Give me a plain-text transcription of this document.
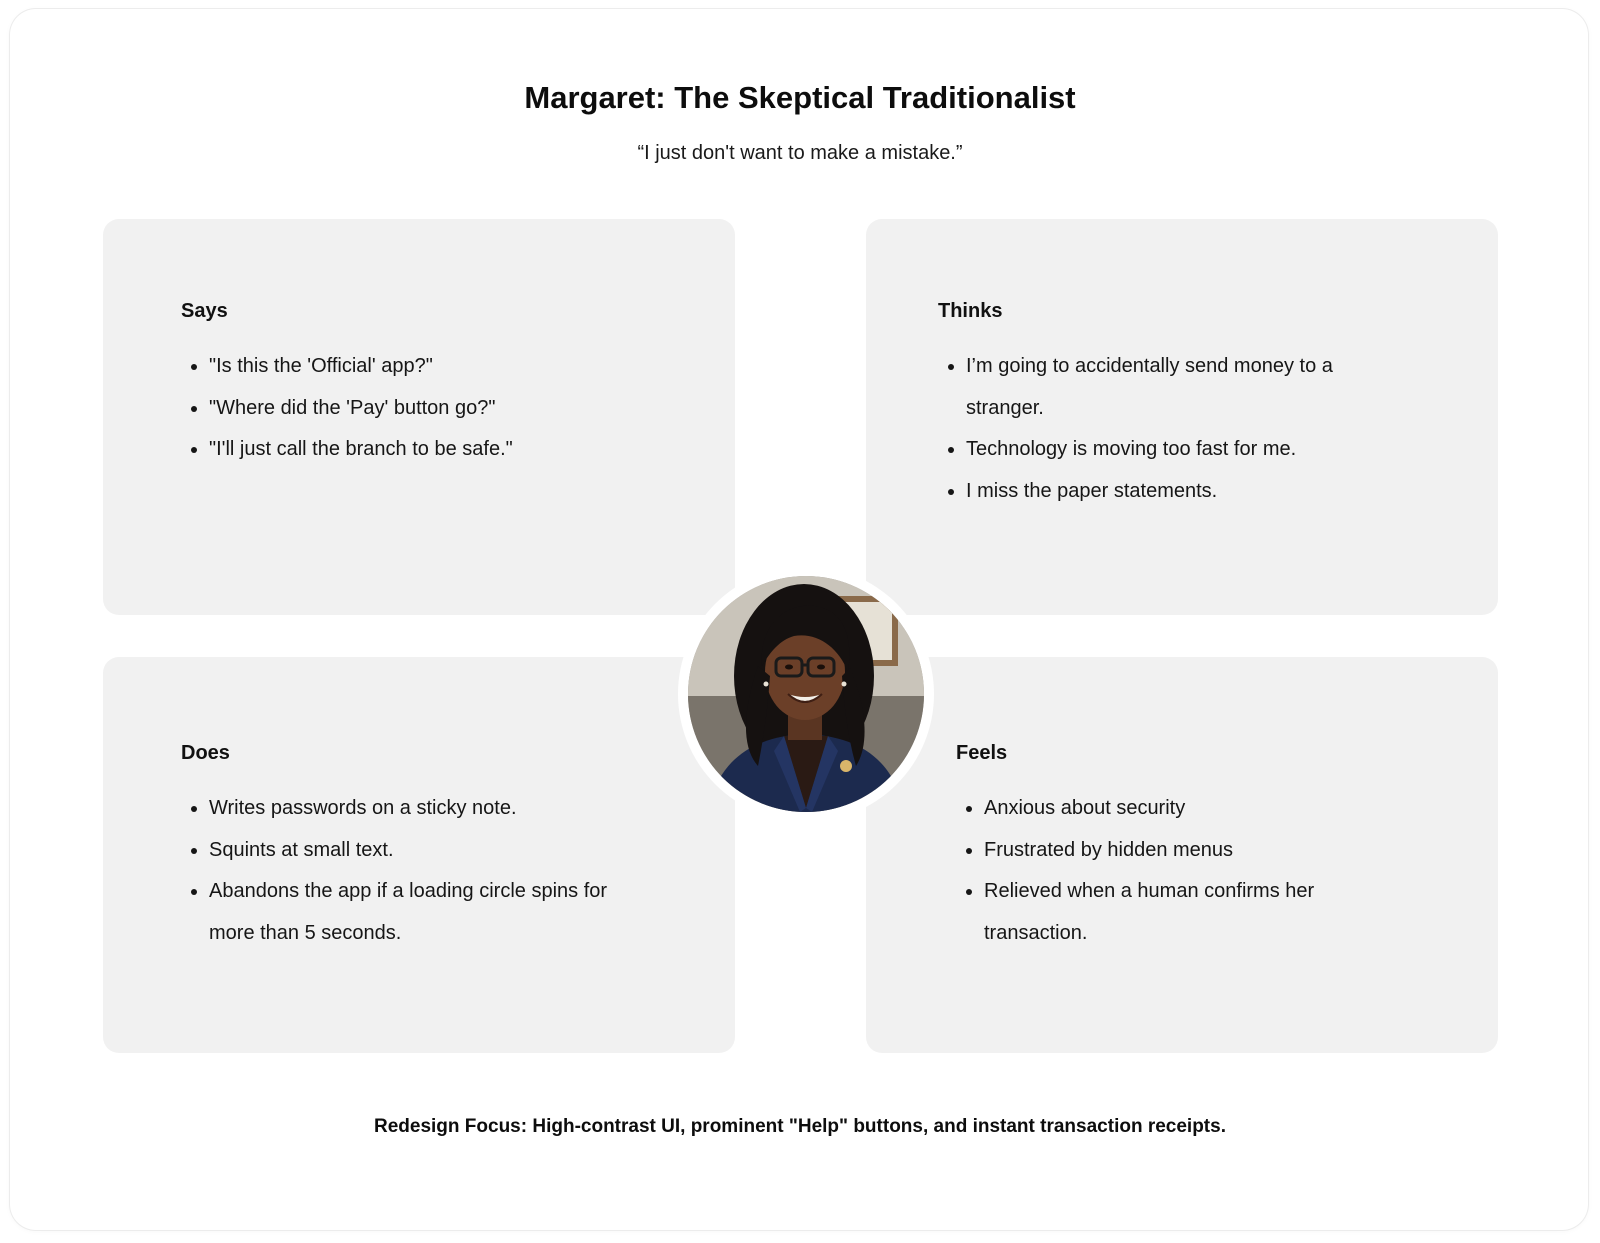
Margaret: The Skeptical Traditionalist

“I just don't want to make a mistake.”

Says
• "Is this the 'Official' app?"
• "Where did the 'Pay' button go?"
• "I'll just call the branch to be safe."
Thinks
• I’m going to accidentally send money to a stranger.
• Technology is moving too fast for me.
• I miss the paper statements.
Does
• Writes passwords on a sticky note.
• Squints at small text.
• Abandons the app if a loading circle spins for more than 5 seconds.
Feels
• Anxious about security
• Frustrated by hidden menus
• Relieved when a human confirms her transaction.

Redesign Focus: High-contrast UI, prominent "Help" buttons, and instant transaction receipts.
